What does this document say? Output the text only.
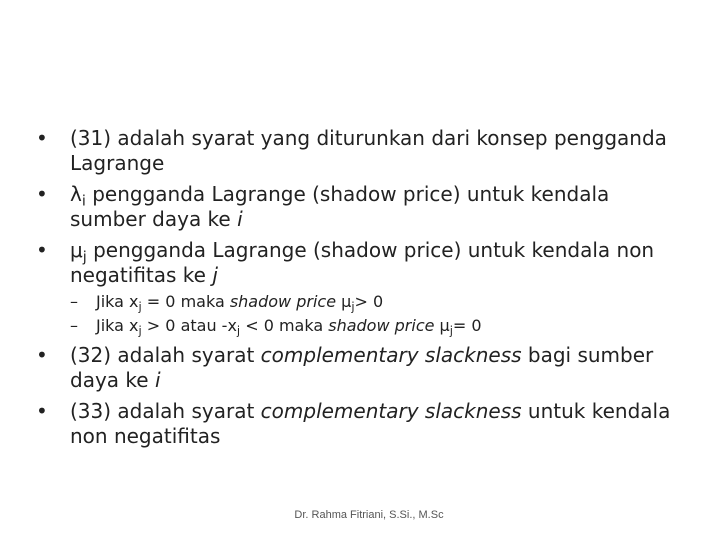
•	(31) adalah syarat yang diturunkan dari konsep pengganda Lagrange
•	$\lambda_i$ pengganda Lagrange (shadow price) untuk kendala sumber daya ke i
•	$\mu_j$ pengganda Lagrange (shadow price) untuk kendala non negatifitas ke j
– Jika $x_j = 0$ maka shadow price $\mu_j> 0$
– Jika $x_j > 0$ atau $-x_j < 0$ maka shadow price $\mu_j= 0$
•	(32) adalah syarat complementary slackness bagi sumber daya ke i
•	(33) adalah syarat complementary slackness untuk kendala non negatifitas
Dr. Rahma Fitriani, S.Si., M.Sc
